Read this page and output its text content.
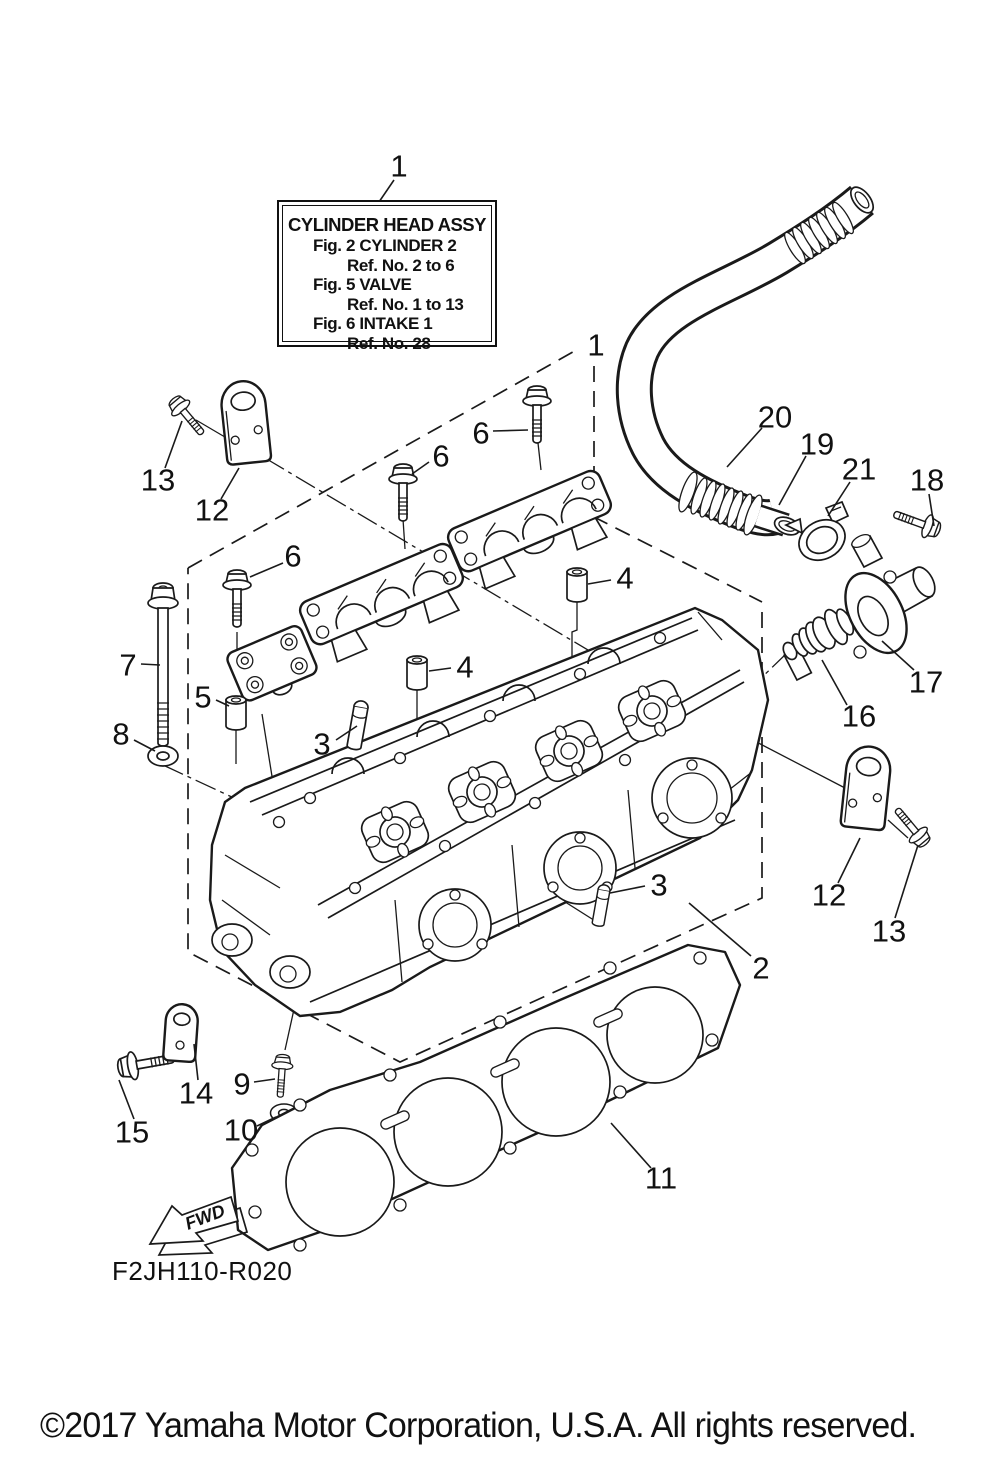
FWD
1
1
2
3
3
4
4
5
6
6
6
7
8
9
10
11
12
13
12
13
14
15
16
17
18
19
20
21
CYLINDER HEAD ASSY
Fig. 2 CYLINDER 2
Ref. No. 2 to 6
Fig. 5 VALVE
Ref. No. 1 to 13
Fig. 6 INTAKE 1
Ref. No. 28
F2JH110-R020
©2017 Yamaha Motor Corporation, U.S.A. All rights reserved.
